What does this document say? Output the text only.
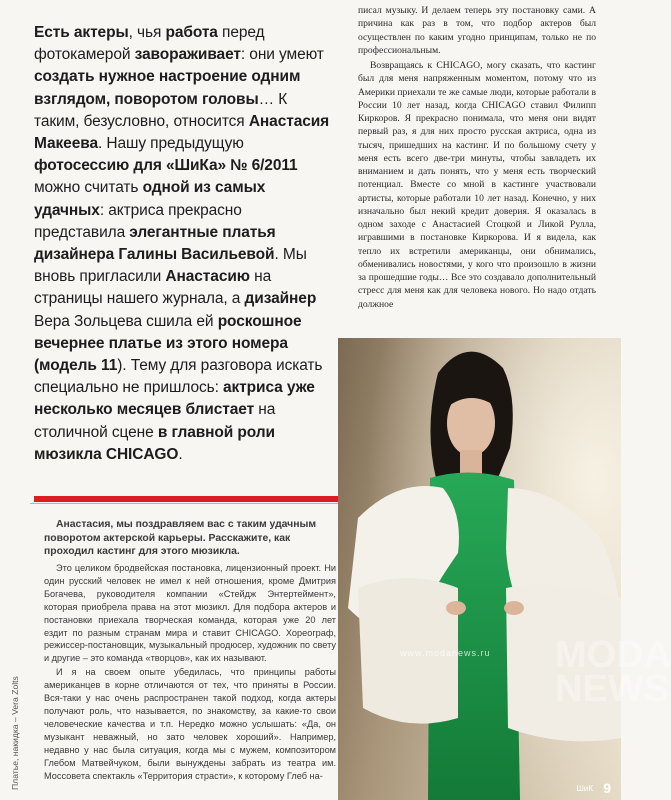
Есть актеры, чья работа перед фотокамерой завораживает: они умеют создать нужное настроение одним взглядом, поворотом головы… К таким, безусловно, относится Анастасия Макеева. Нашу предыдущую фотосессию для «ШиКа» № 6/2011 можно считать одной из самых удачных: актриса прекрасно представила элегантные платья дизайнера Галины Васильевой. Мы вновь пригласили Анастасию на страницы нашего журнала, а дизайнер Вера Зольцева сшила ей роскошное вечернее платье из этого номера (модель 11). Тему для разговора искать специально не пришлось: актриса уже несколько месяцев блистает на столичной сцене в главной роли мюзикла CHICAGO.

писал музыку. И делаем теперь эту постановку сами. А причина как раз в том, что подбор актеров был осуществлен по каким угодно принципам, только не по профессиональным.

Возвращаясь к CHICAGO, могу сказать, что кастинг был для меня напряженным моментом, потому что из Америки приехали те же самые люди, которые работали в России 10 лет назад, когда CHICAGO ставил Филипп Киркоров. Я прекрасно понимала, что меня они видят первый раз, я для них просто русская актриса, одна из тысяч, пришедших на кастинг. И по большому счету у меня есть всего две-три минуты, чтобы завладеть их вниманием и дать понять, что у меня есть творческий потенциал. Вместе со мной в кастинге участвовали артисты, которые работали 10 лет назад. Конечно, у них изначально был некий кредит доверия. Я оказалась в одном заходе с Анастасией Стоцкой и Ликой Рулла, игравшими в постановке Киркорова. И я видела, как тепло их встретили американцы, они обнимались, обменивались новостями, у кого что произошло в жизни за прошедшие годы… Все это создавало дополнительный стресс для меня как для человека нового. Но надо отдать должное

Анастасия, мы поздравляем вас с таким удачным поворотом актерской карьеры. Расскажите, как проходил кастинг для этого мюзикла.

Это целиком бродвейская постановка, лицензионный проект. Ни один русский человек не имел к ней отношения, кроме Дмитрия Богачева, руководителя компании «Стейдж Энтертеймент», которая приобрела права на этот мюзикл. Для подбора актеров и постановки приехала творческая команда, которая уже 20 лет ездит по разным странам мира и ставит CHICAGO. Хореограф, режиссер-постановщик, музыкальный продюсер, художник по свету и другие – это команда «творцов», как их называют.

И я на своем опыте убедилась, что принципы работы американцев в корне отличаются от тех, что приняты в России. Вся-таки у нас очень распространен такой подход, когда актеры получают роль, что называется, по знакомству, за какие-то свои человеческие качества и т.п. Нередко можно услышать: «Да, он музыкант неважный, но зато человек хороший». Например, недавно у нас была ситуация, когда мы с мужем, композитором Глебом Матвейчуком, были вынуждены забрать из театра им. Моссовета спектакль «Территория страсти», к которому Глеб на-

Платье, накидка – Vera Zolts
www.modanews.ru MODA NEWS
ШиК 9
